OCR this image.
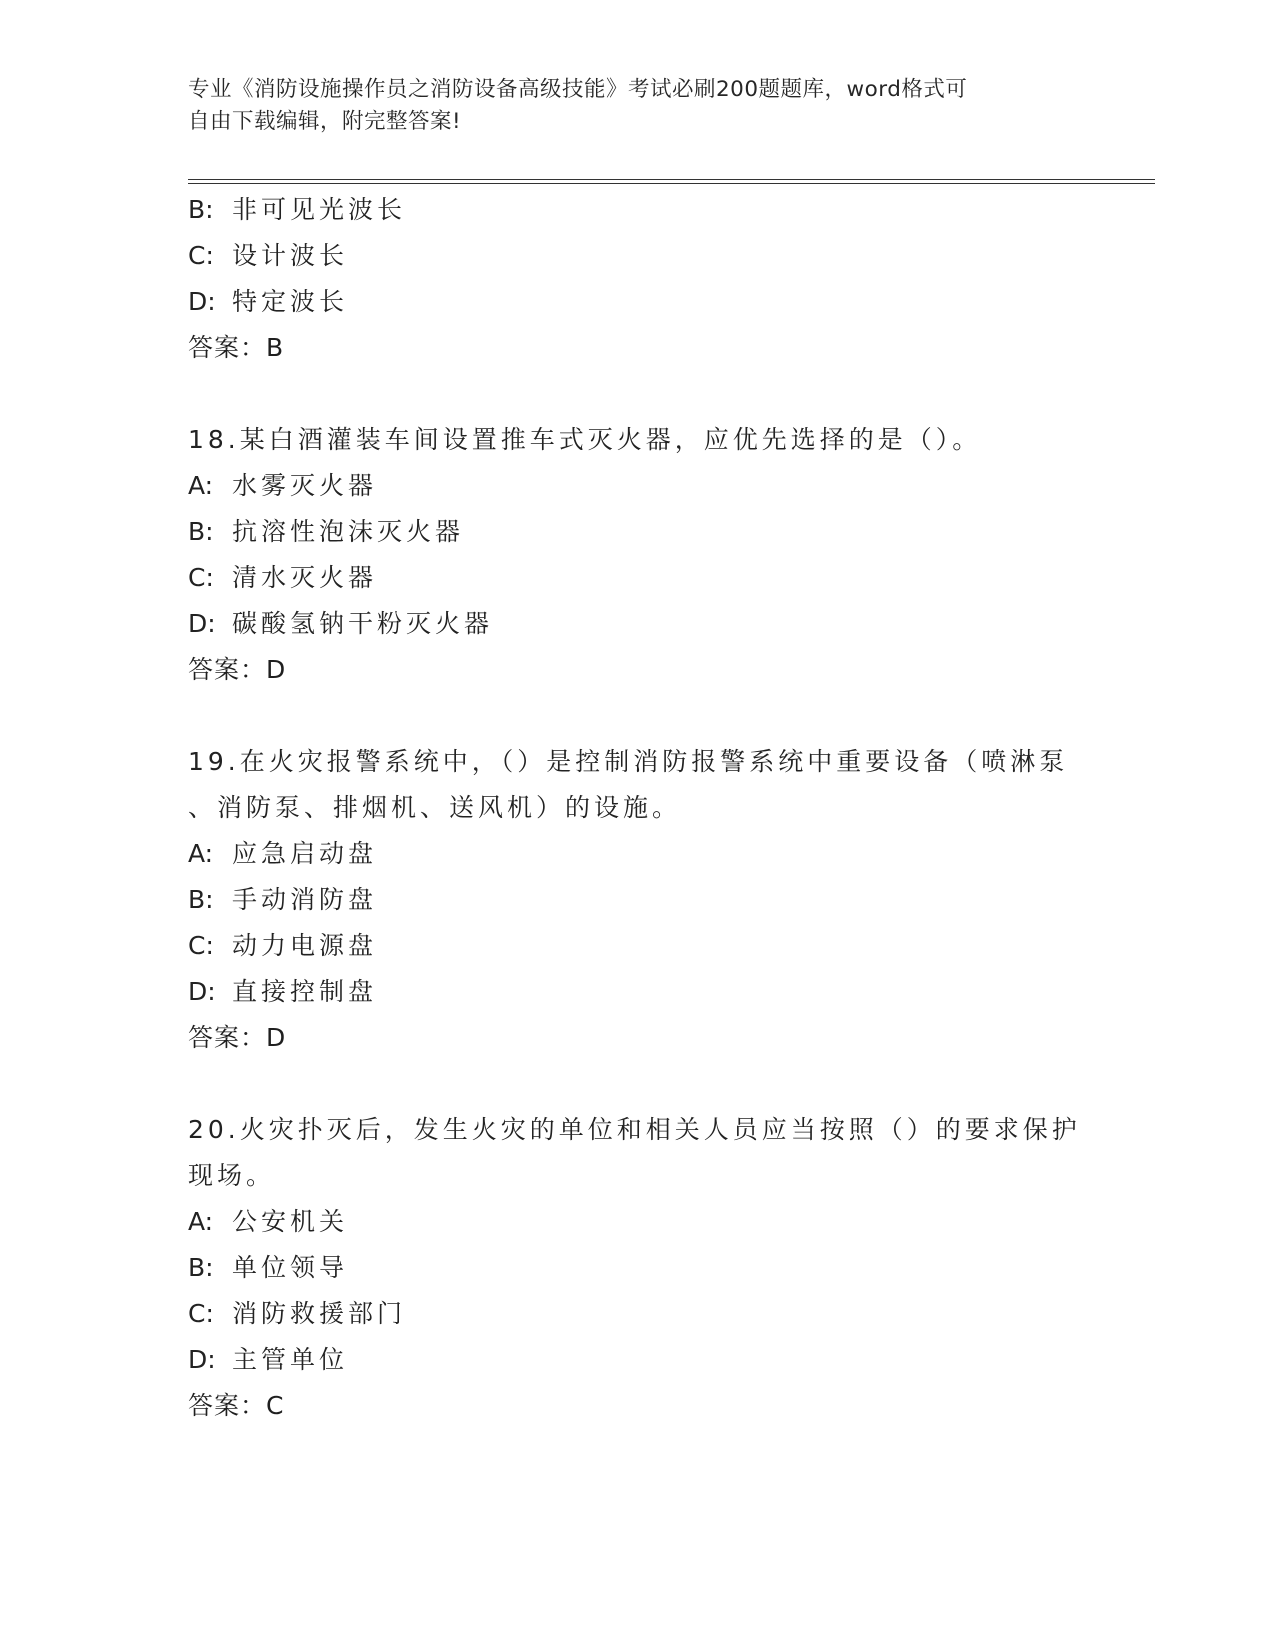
专业《消防设施操作员之消防设备高级技能》考试必刷200题题库，word格式可
自由下载编辑，附完整答案!
B: 非可见光波长
C: 设计波长
D: 特定波长
答案：B
18.某白酒灌装车间设置推车式灭火器，应优先选择的是（）。
A: 水雾灭火器
B: 抗溶性泡沫灭火器
C: 清水灭火器
D: 碳酸氢钠干粉灭火器
答案：D
19.在火灾报警系统中，（）是控制消防报警系统中重要设备（喷淋泵
、消防泵、排烟机、送风机）的设施。
A: 应急启动盘
B: 手动消防盘
C: 动力电源盘
D: 直接控制盘
答案：D
20.火灾扑灭后，发生火灾的单位和相关人员应当按照（）的要求保护
现场。
A: 公安机关
B: 单位领导
C: 消防救援部门
D: 主管单位
答案：C
